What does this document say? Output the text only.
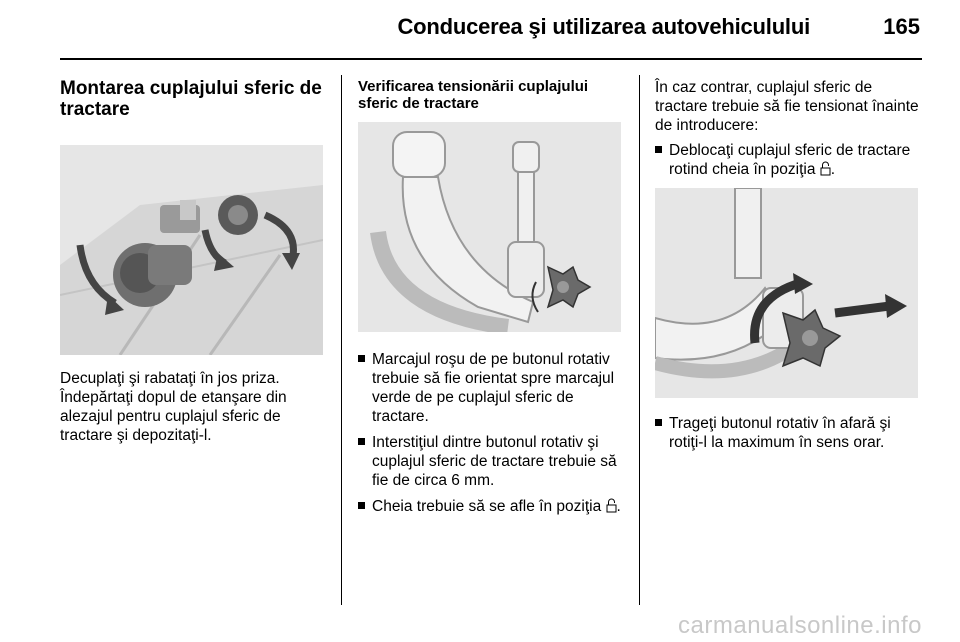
Conducerea şi utilizarea autovehiculului	165
Montarea cuplajului sferic de tractare

Decuplaţi şi rabataţi în jos priza. Îndepărtaţi dopul de etanşare din alezajul pentru cuplajul sferic de tractare şi depozitaţi-l.

Verificarea tensionării cuplajului sferic de tractare
Marcajul roşu de pe butonul rotativ trebuie să fie orientat spre marcajul verde de pe cuplajul sferic de tractare.
Interstiţiul dintre butonul rotativ şi cuplajul sferic de tractare trebuie să fie de circa 6 mm.
Cheia trebuie să se afle în poziţia .

În caz contrar, cuplajul sferic de tractare trebuie să fie tensionat înainte de introducere:

Deblocaţi cuplajul sferic de tractare rotind cheia în poziţia .
Trageţi butonul rotativ în afară şi rotiţi-l la maximum în sens orar.
carmanualsonline.info
